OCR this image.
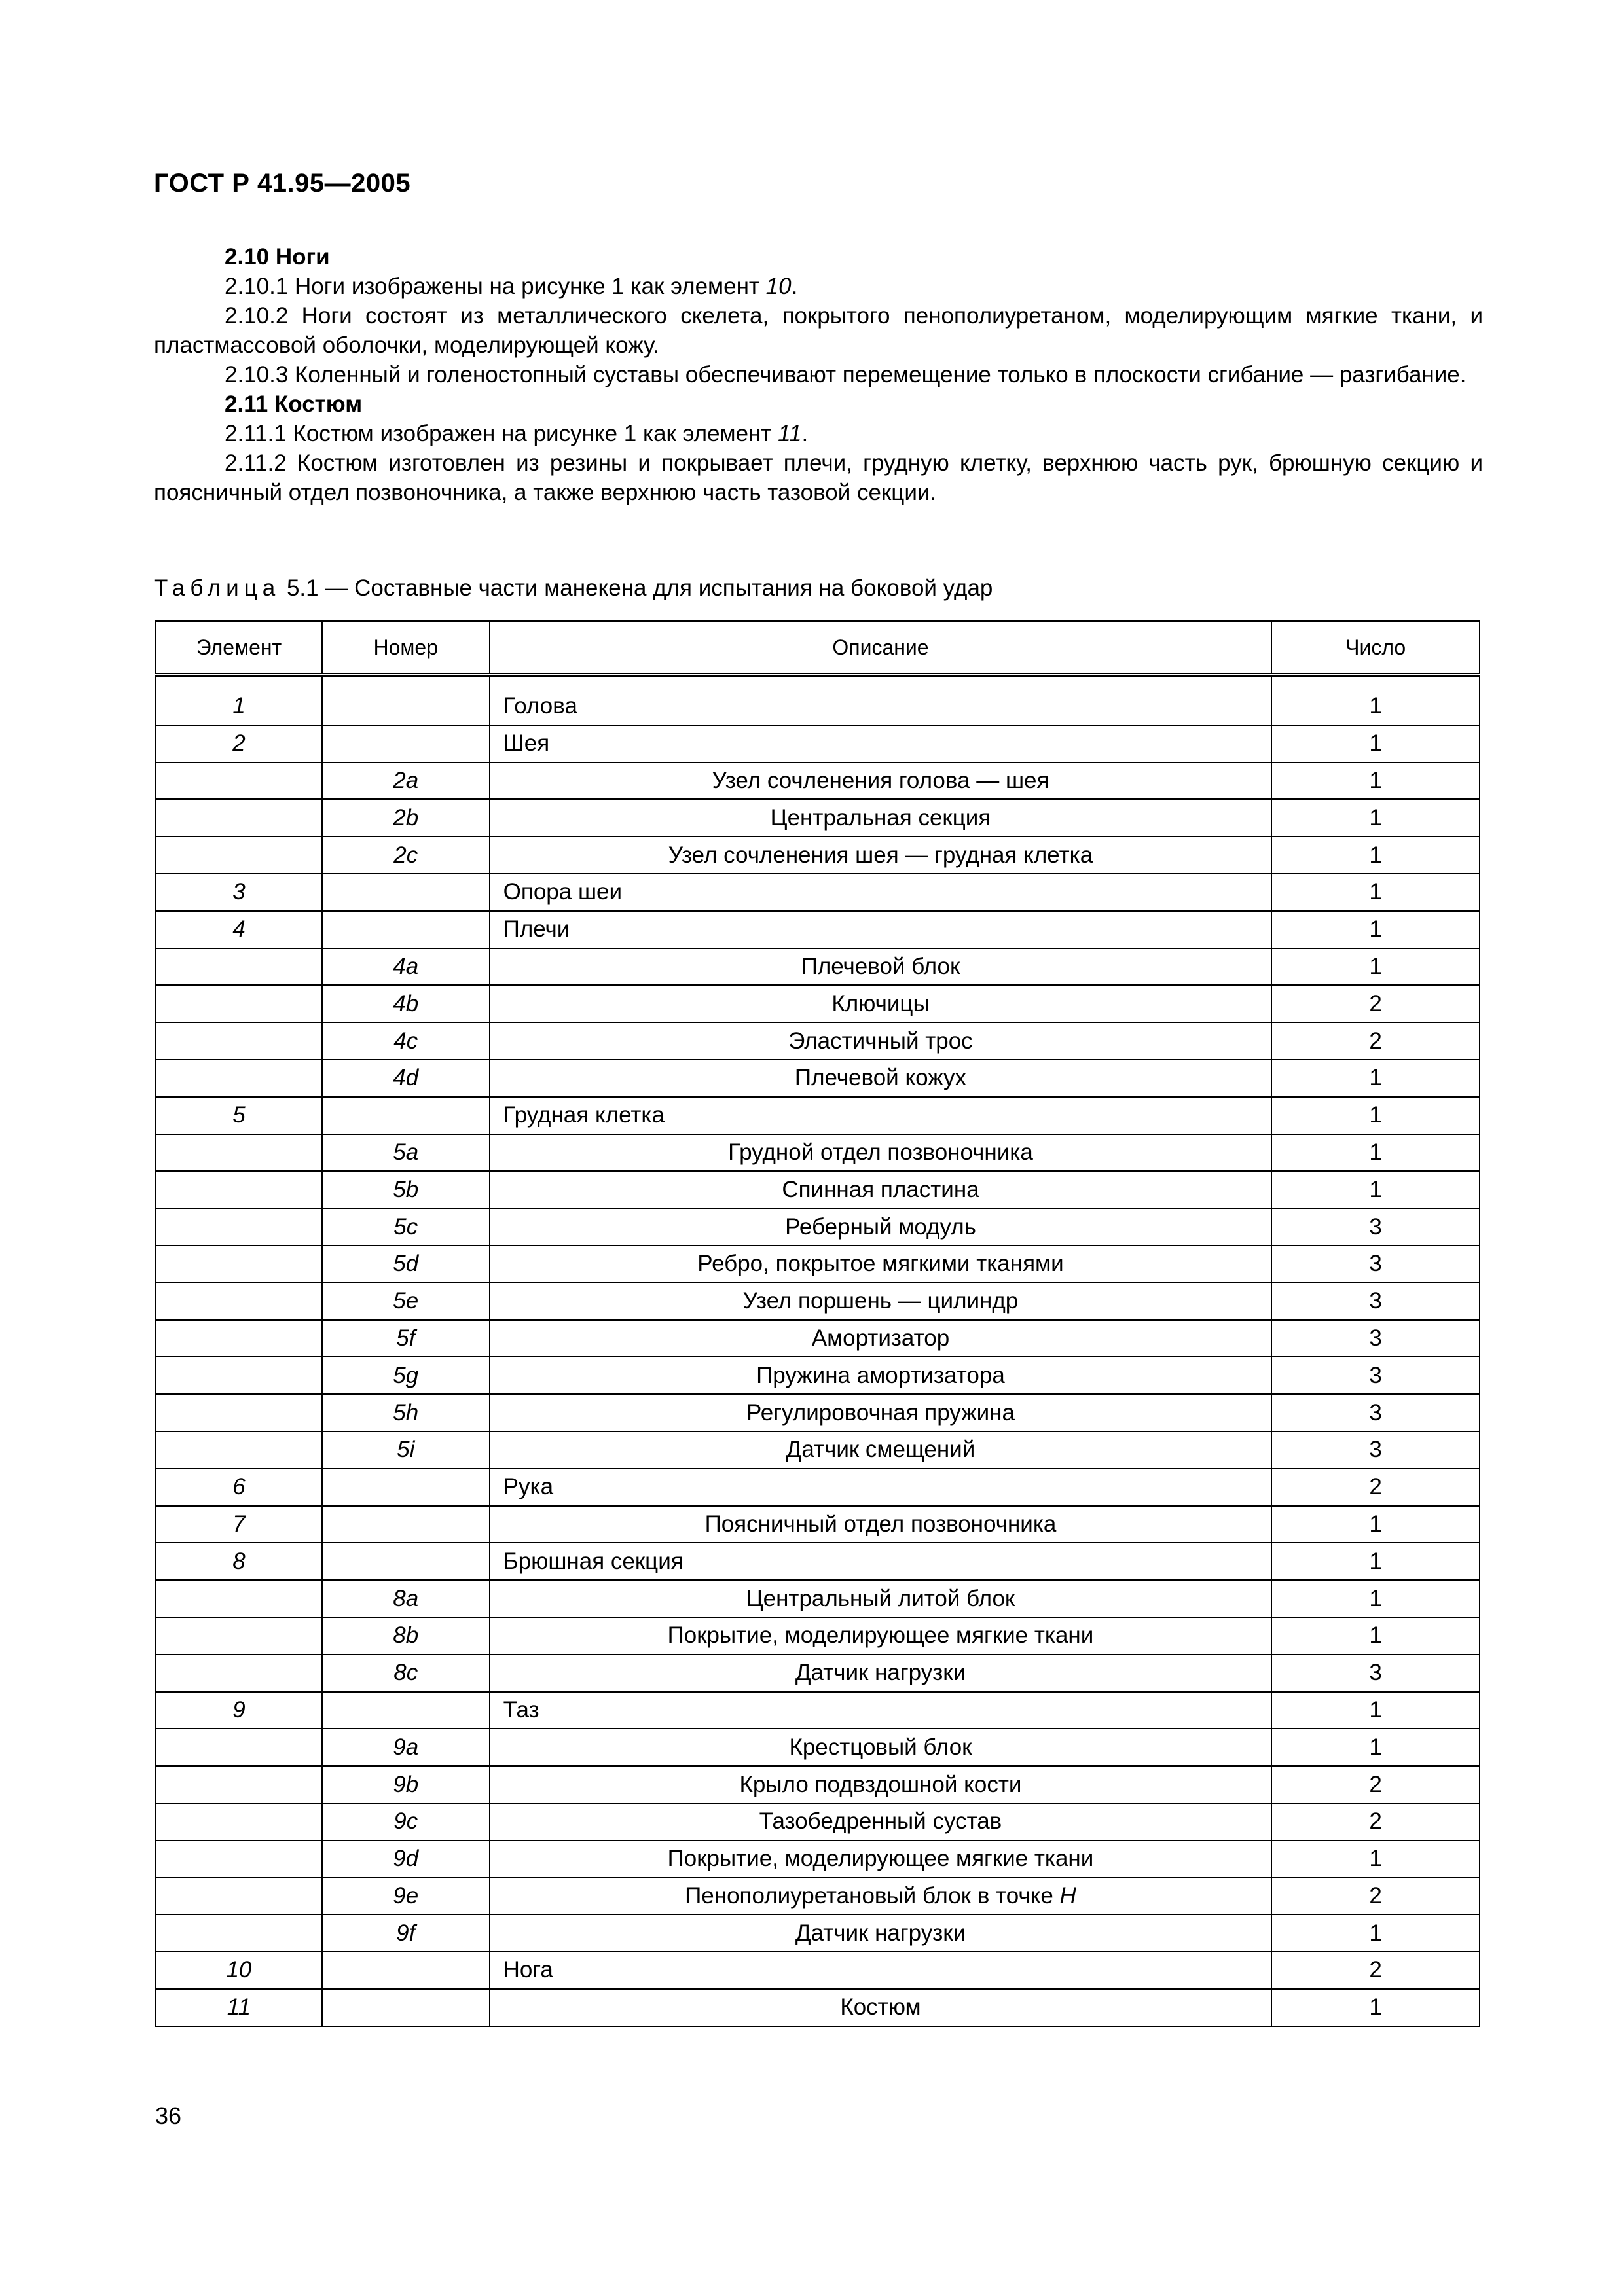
ГОСТ Р 41.95—2005

2.10 Ноги

2.10.1 Ноги изображены на рисунке 1 как элемент 10.

2.10.2 Ноги состоят из металлического скелета, покрытого пенополиуретаном, моделирующим мягкие ткани, и пластмассовой оболочки, моделирующей кожу.

2.10.3 Коленный и голеностопный суставы обеспечивают перемещение только в плоскости сгибание — разгибание.

2.11 Костюм

2.11.1 Костюм изображен на рисунке 1 как элемент 11.

2.11.2 Костюм изготовлен из резины и покрывает плечи, грудную клетку, верхнюю часть рук, брюшную секцию и поясничный отдел позвоночника, а также верхнюю часть тазовой секции.

Таблица 5.1 — Составные части манекена для испытания на боковой удар
Элемент	Номер	Описание	Число
1		Голова	1
2		Шея	1
	2a	Узел сочленения голова — шея	1
	2b	Центральная секция	1
	2c	Узел сочленения шея — грудная клетка	1
3		Опора шеи	1
4		Плечи	1
	4a	Плечевой блок	1
	4b	Ключицы	2
	4c	Эластичный трос	2
	4d	Плечевой кожух	1
5		Грудная клетка	1
	5a	Грудной отдел позвоночника	1
	5b	Спинная пластина	1
	5c	Реберный модуль	3
	5d	Ребро, покрытое мягкими тканями	3
	5e	Узел поршень — цилиндр	3
	5f	Амортизатор	3
	5g	Пружина амортизатора	3
	5h	Регулировочная пружина	3
	5i	Датчик смещений	3
6		Рука	2
7		Поясничный отдел позвоночника	1
8		Брюшная секция	1
	8a	Центральный литой блок	1
	8b	Покрытие, моделирующее мягкие ткани	1
	8c	Датчик нагрузки	3
9		Таз	1
	9a	Крестцовый блок	1
	9b	Крыло подвздошной кости	2
	9c	Тазобедренный сустав	2
	9d	Покрытие, моделирующее мягкие ткани	1
	9e	Пенополиуретановый блок в точке H	2
	9f	Датчик нагрузки	1
10		Нога	2
11		Костюм	1
36
